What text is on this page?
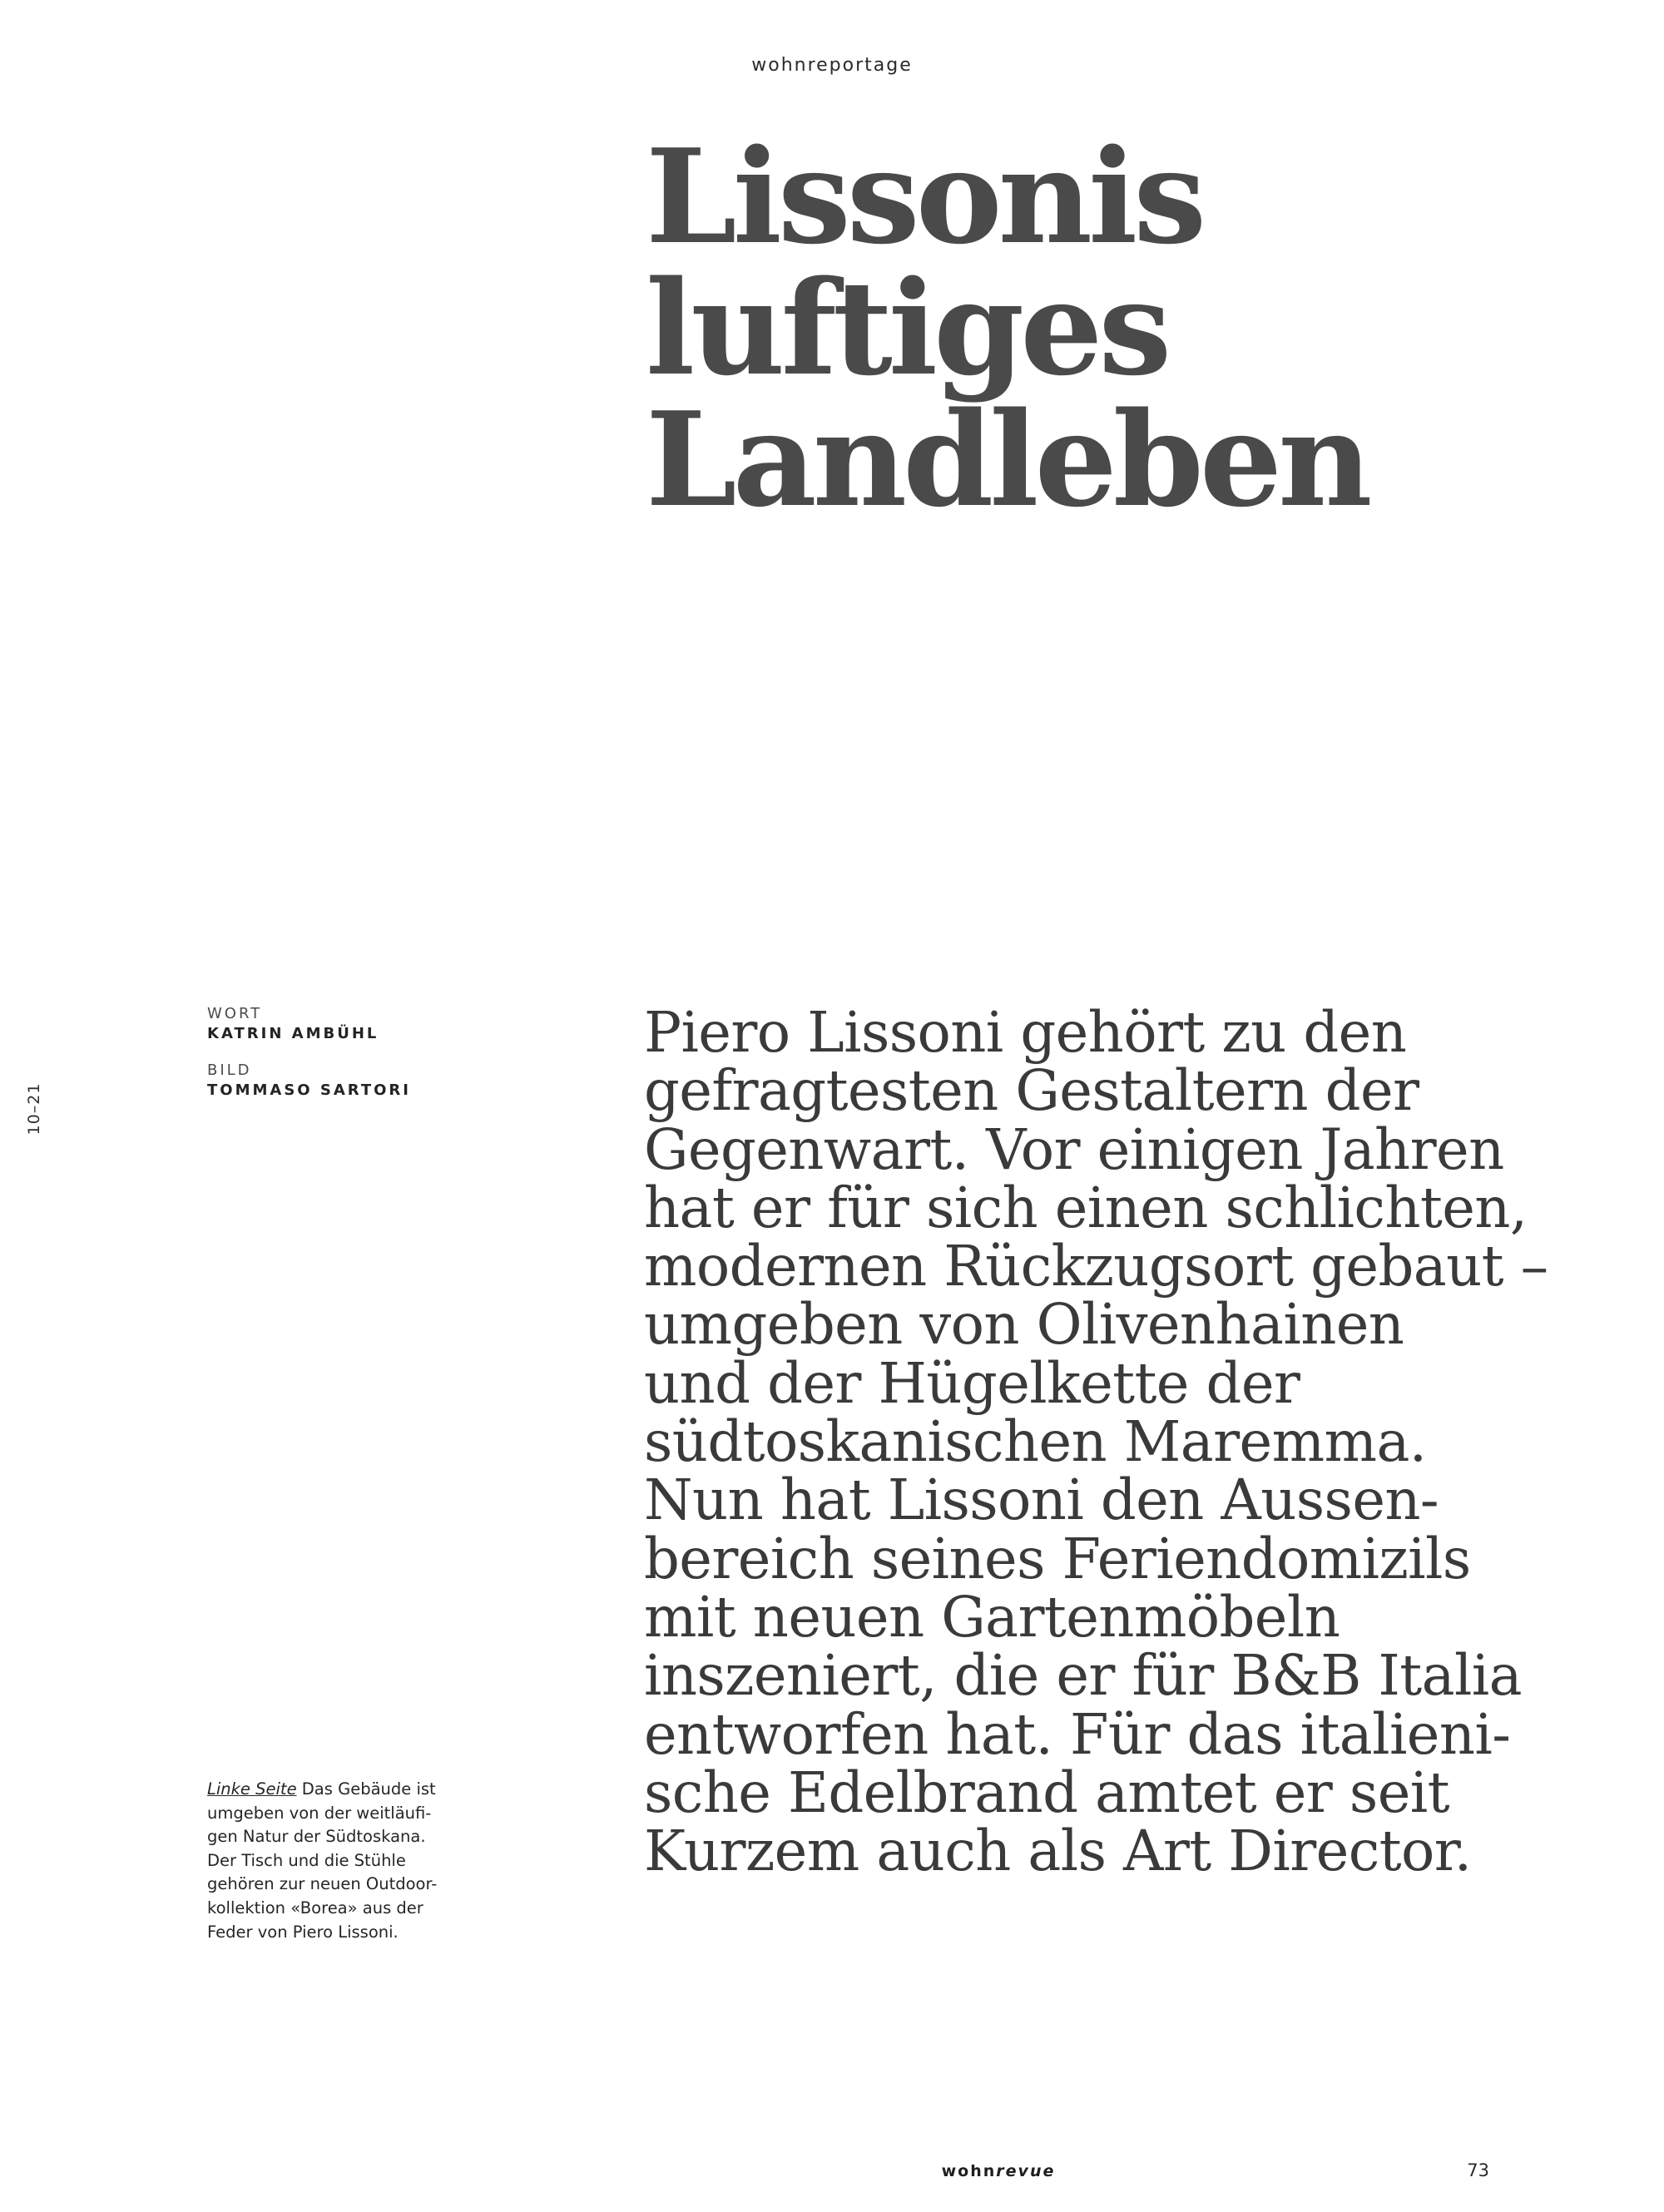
wohnreportage
Lissonis
luftiges
Landleben
10–21
WORT
KATRIN AMBÜHL
BILD
TOMMASO SARTORI

Piero Lissoni gehört zu den
gefragtesten Gestaltern der
Gegenwart. Vor einigen Jahren
hat er für sich einen schlichten,
modernen Rückzugsort gebaut –
umgeben von Olivenhainen
und der Hügelkette der
südtoskanischen Maremma.
Nun hat Lissoni den Aussen-
bereich seines Feriendomizils
mit neuen Gartenmöbeln
inszeniert, die er für B&B Italia
entworfen hat. Für das italieni-
sche Edelbrand amtet er seit
Kurzem auch als Art Director.

Linke Seite Das Gebäude ist
umgeben von der weitläufi-
gen Natur der Südtoskana.
Der Tisch und die Stühle
gehören zur neuen Outdoor-
kollektion «Borea» aus der
Feder von Piero Lissoni.

wohnrevue	73
